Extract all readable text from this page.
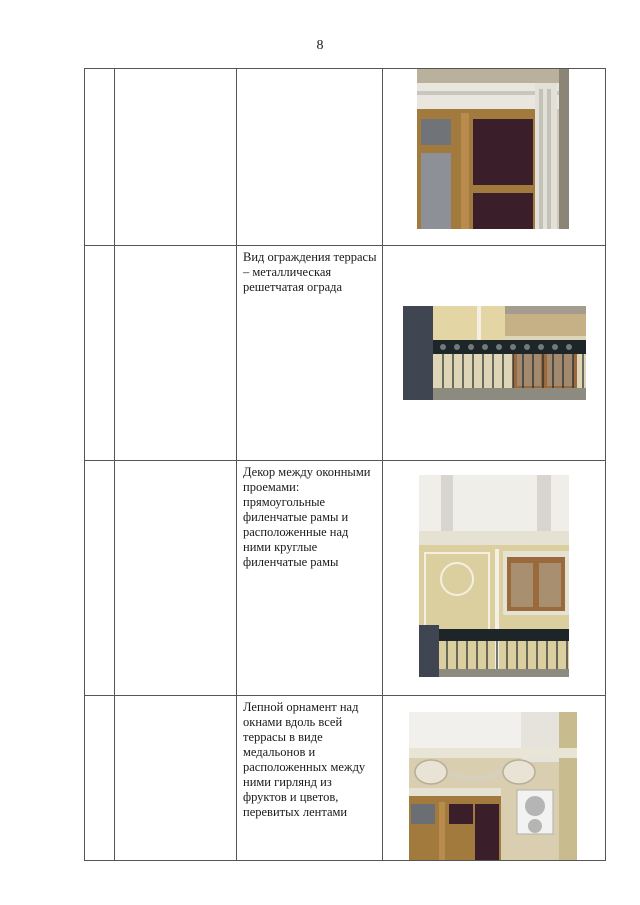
8

		Вид ограждения террасы – металлическая решетчатая ограда

		Декор между оконными проемами: прямоугольные филенчатые рамы и расположенные над ними круглые филенчатые рамы

		Лепной орнамент над окнами вдоль всей террасы в виде медальонов и расположенных между ними гирлянд из фруктов и цветов, перевитых лентами
